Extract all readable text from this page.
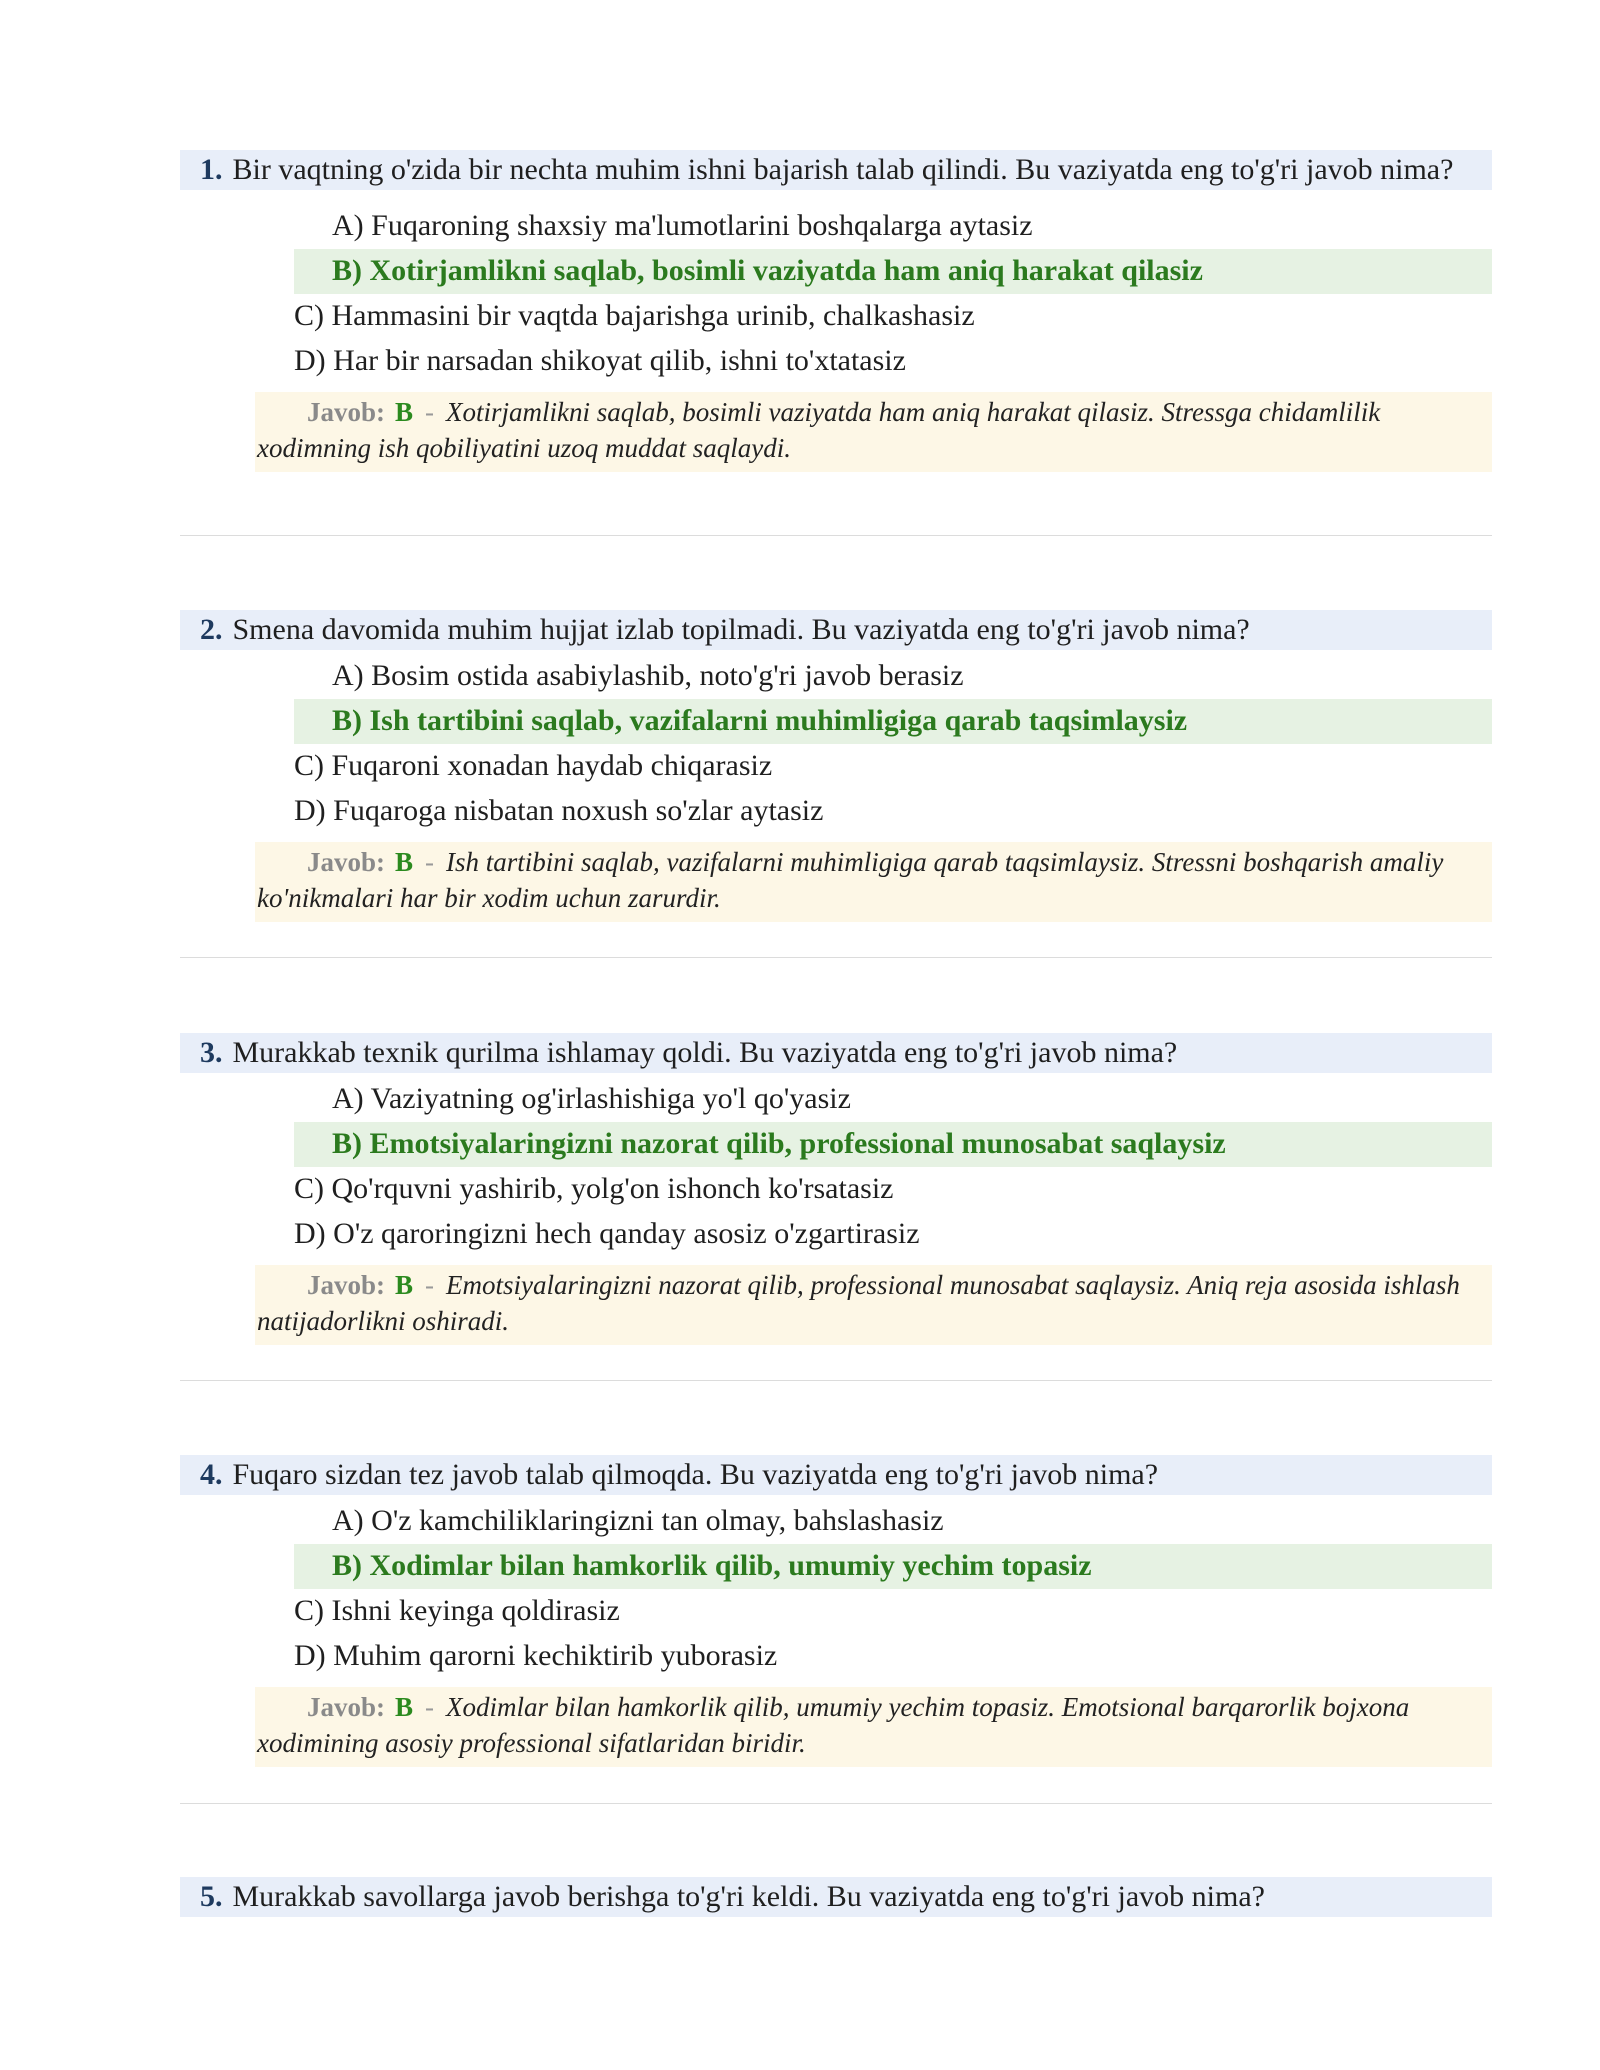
1. Bir vaqtning o'zida bir nechta muhim ishni bajarish talab qilindi. Bu vaziyatda eng to'g'ri javob nima?
A) Fuqaroning shaxsiy ma'lumotlarini boshqalarga aytasiz
B) Xotirjamlikni saqlab, bosimli vaziyatda ham aniq harakat qilasiz
C) Hammasini bir vaqtda bajarishga urinib, chalkashasiz
D) Har bir narsadan shikoyat qilib, ishni to'xtatasiz
Javob: B - Xotirjamlikni saqlab, bosimli vaziyatda ham aniq harakat qilasiz. Stressga chidamlilik xodimning ish qobiliyatini uzoq muddat saqlaydi.
2. Smena davomida muhim hujjat izlab topilmadi. Bu vaziyatda eng to'g'ri javob nima?
A) Bosim ostida asabiylashib, noto'g'ri javob berasiz
B) Ish tartibini saqlab, vazifalarni muhimligiga qarab taqsimlaysiz
C) Fuqaroni xonadan haydab chiqarasiz
D) Fuqaroga nisbatan noxush so'zlar aytasiz
Javob: B - Ish tartibini saqlab, vazifalarni muhimligiga qarab taqsimlaysiz. Stressni boshqarish amaliy ko'nikmalari har bir xodim uchun zarurdir.
3. Murakkab texnik qurilma ishlamay qoldi. Bu vaziyatda eng to'g'ri javob nima?
A) Vaziyatning og'irlashishiga yo'l qo'yasiz
B) Emotsiyalaringizni nazorat qilib, professional munosabat saqlaysiz
C) Qo'rquvni yashirib, yolg'on ishonch ko'rsatasiz
D) O'z qaroringizni hech qanday asosiz o'zgartirasiz
Javob: B - Emotsiyalaringizni nazorat qilib, professional munosabat saqlaysiz. Aniq reja asosida ishlash natijadorlikni oshiradi.
4. Fuqaro sizdan tez javob talab qilmoqda. Bu vaziyatda eng to'g'ri javob nima?
A) O'z kamchiliklaringizni tan olmay, bahslashasiz
B) Xodimlar bilan hamkorlik qilib, umumiy yechim topasiz
C) Ishni keyinga qoldirasiz
D) Muhim qarorni kechiktirib yuborasiz
Javob: B - Xodimlar bilan hamkorlik qilib, umumiy yechim topasiz. Emotsional barqarorlik bojxona xodimining asosiy professional sifatlaridan biridir.
5. Murakkab savollarga javob berishga to'g'ri keldi. Bu vaziyatda eng to'g'ri javob nima?
